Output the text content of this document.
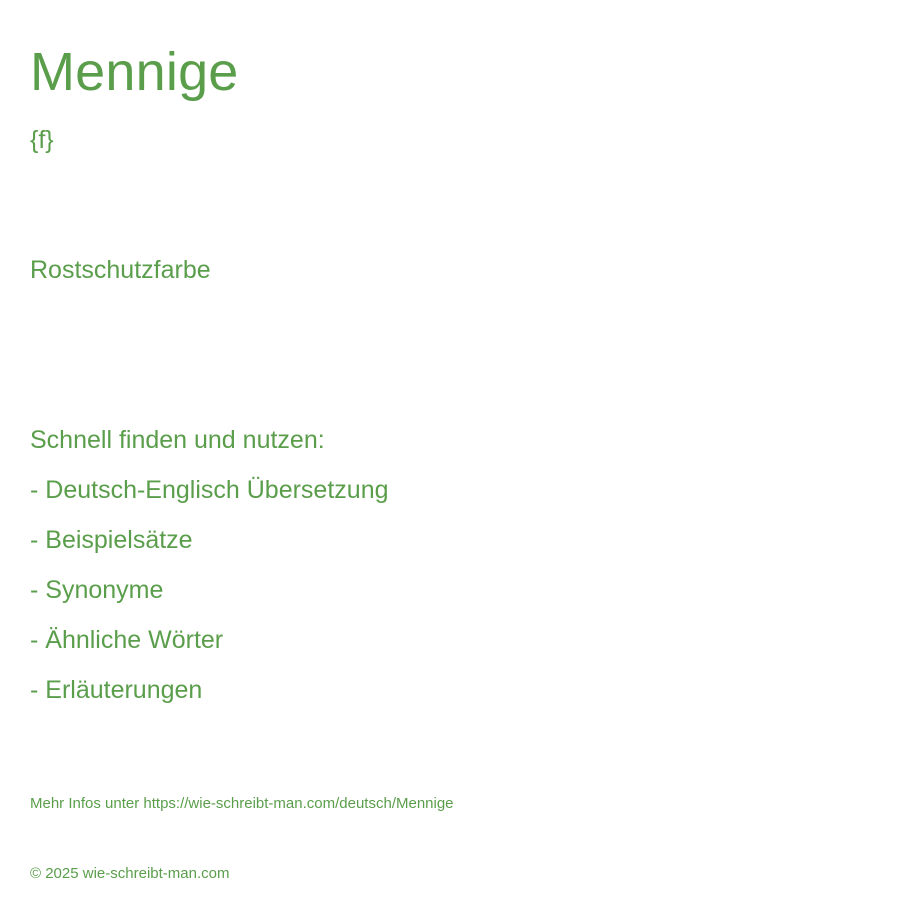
Mennige
{f}
Rostschutzfarbe
Schnell finden und nutzen:
- Deutsch-Englisch Übersetzung
- Beispielsätze
- Synonyme
- Ähnliche Wörter
- Erläuterungen
Mehr Infos unter https://wie-schreibt-man.com/deutsch/Mennige
© 2025 wie-schreibt-man.com
